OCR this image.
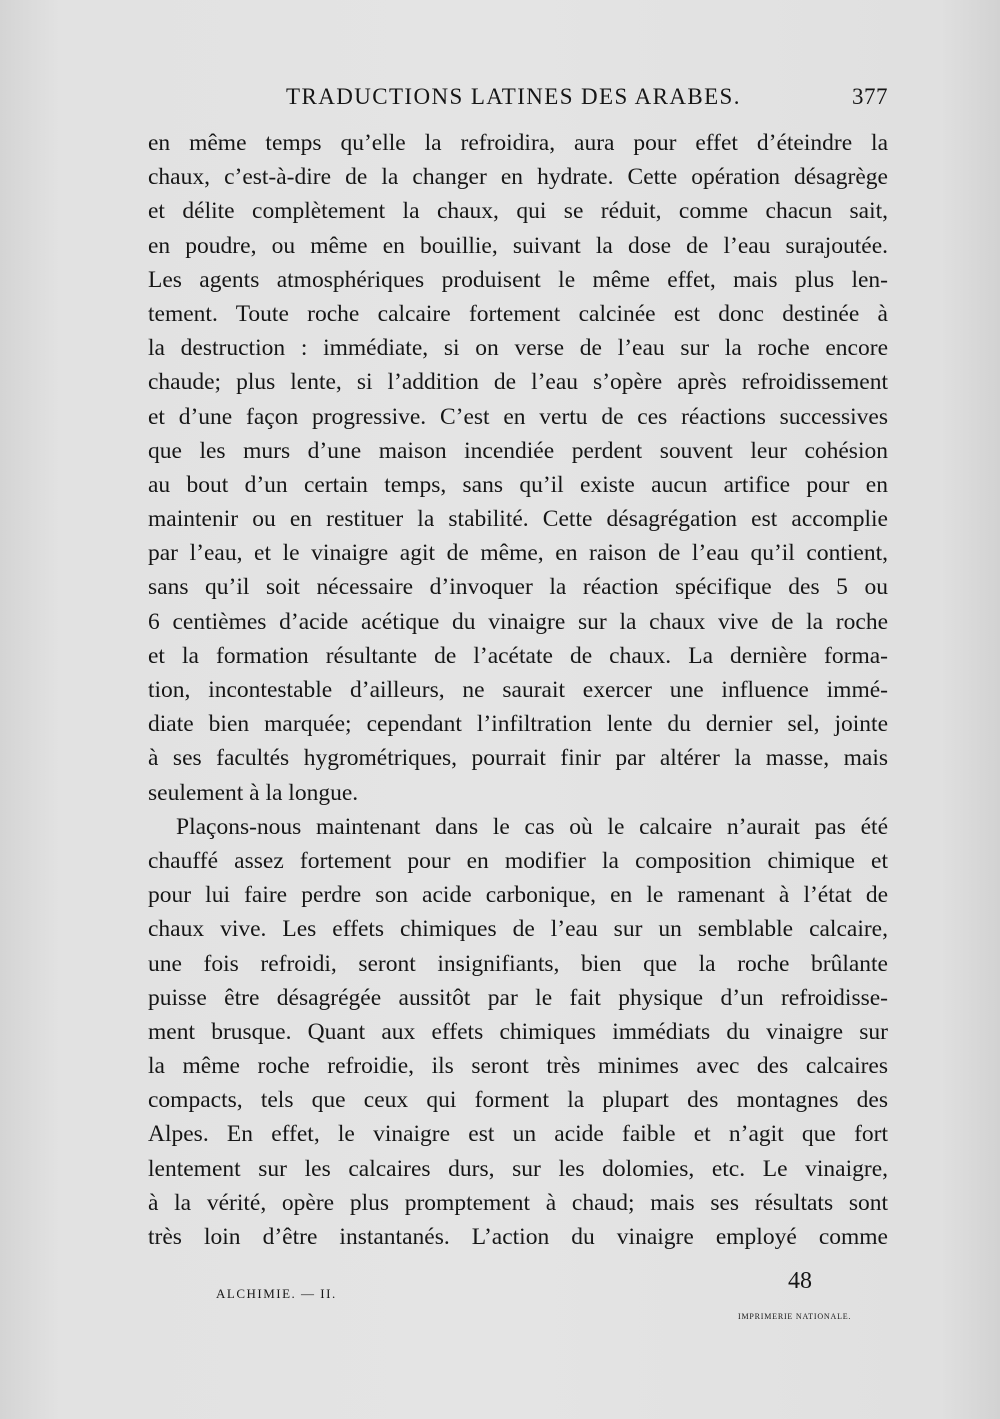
TRADUCTIONS LATINES DES ARABES.	377
en même temps qu’elle la refroidira, aura pour effet d’éteindre la
chaux, c’est-à-dire de la changer en hydrate. Cette opération désagrège
et délite complètement la chaux, qui se réduit, comme chacun sait,
en poudre, ou même en bouillie, suivant la dose de l’eau surajoutée.
Les agents atmosphériques produisent le même effet, mais plus len-
tement. Toute roche calcaire fortement calcinée est donc destinée à
la destruction : immédiate, si on verse de l’eau sur la roche encore
chaude; plus lente, si l’addition de l’eau s’opère après refroidissement
et d’une façon progressive. C’est en vertu de ces réactions successives
que les murs d’une maison incendiée perdent souvent leur cohésion
au bout d’un certain temps, sans qu’il existe aucun artifice pour en
maintenir ou en restituer la stabilité. Cette désagrégation est accomplie
par l’eau, et le vinaigre agit de même, en raison de l’eau qu’il contient,
sans qu’il soit nécessaire d’invoquer la réaction spécifique des 5 ou
6 centièmes d’acide acétique du vinaigre sur la chaux vive de la roche
et la formation résultante de l’acétate de chaux. La dernière forma-
tion, incontestable d’ailleurs, ne saurait exercer une influence immé-
diate bien marquée; cependant l’infiltration lente du dernier sel, jointe
à ses facultés hygrométriques, pourrait finir par altérer la masse, mais
seulement à la longue.
Plaçons-nous maintenant dans le cas où le calcaire n’aurait pas été
chauffé assez fortement pour en modifier la composition chimique et
pour lui faire perdre son acide carbonique, en le ramenant à l’état de
chaux vive. Les effets chimiques de l’eau sur un semblable calcaire,
une fois refroidi, seront insignifiants, bien que la roche brûlante
puisse être désagrégée aussitôt par le fait physique d’un refroidisse-
ment brusque. Quant aux effets chimiques immédiats du vinaigre sur
la même roche refroidie, ils seront très minimes avec des calcaires
compacts, tels que ceux qui forment la plupart des montagnes des
Alpes. En effet, le vinaigre est un acide faible et n’agit que fort
lentement sur les calcaires durs, sur les dolomies, etc. Le vinaigre,
à la vérité, opère plus promptement à chaud; mais ses résultats sont
très loin d’être instantanés. L’action du vinaigre employé comme
ALCHIMIE. — II.	48
IMPRIMERIE NATIONALE.
